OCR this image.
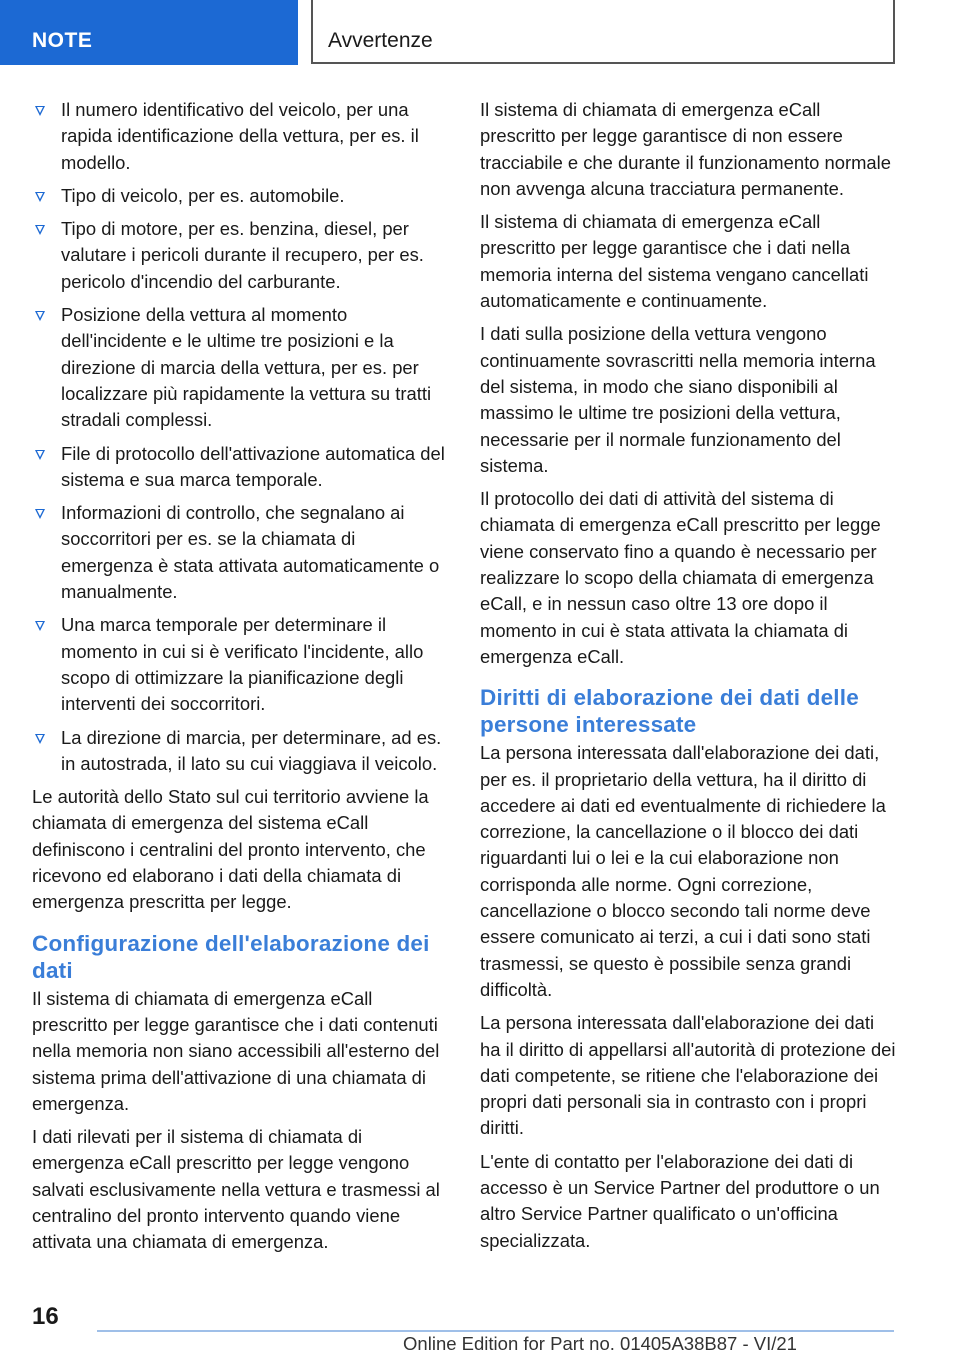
NOTE	Avvertenze
Il numero identificativo del veicolo, per una rapida identificazione della vettura, per es. il modello.
Tipo di veicolo, per es. automobile.
Tipo di motore, per es. benzina, diesel, per valutare i pericoli durante il recupero, per es. pericolo d'incendio del carburante.
Posizione della vettura al momento dell'incidente e le ultime tre posizioni e la direzione di marcia della vettura, per es. per localizzare più rapidamente la vettura su tratti stradali complessi.
File di protocollo dell'attivazione automatica del sistema e sua marca temporale.
Informazioni di controllo, che segnalano ai soccorritori per es. se la chiamata di emergenza è stata attivata automaticamente o manualmente.
Una marca temporale per determinare il momento in cui si è verificato l'incidente, allo scopo di ottimizzare la pianificazione degli interventi dei soccorritori.
La direzione di marcia, per determinare, ad es. in autostrada, il lato su cui viaggiava il veicolo.

Le autorità dello Stato sul cui territorio avviene la chiamata di emergenza del sistema eCall definiscono i centralini del pronto intervento, che ricevono ed elaborano i dati della chiamata di emergenza prescritta per legge.

Configurazione dell'elaborazione dei dati

Il sistema di chiamata di emergenza eCall prescritto per legge garantisce che i dati contenuti nella memoria non siano accessibili all'esterno del sistema prima dell'attivazione di una chiamata di emergenza.

I dati rilevati per il sistema di chiamata di emergenza eCall prescritto per legge vengono salvati esclusivamente nella vettura e trasmessi al centralino del pronto intervento quando viene attivata una chiamata di emergenza.

Il sistema di chiamata di emergenza eCall prescritto per legge garantisce di non essere tracciabile e che durante il funzionamento normale non avvenga alcuna tracciatura permanente.

Il sistema di chiamata di emergenza eCall prescritto per legge garantisce che i dati nella memoria interna del sistema vengano cancellati automaticamente e continuamente.

I dati sulla posizione della vettura vengono continuamente sovrascritti nella memoria interna del sistema, in modo che siano disponibili al massimo le ultime tre posizioni della vettura, necessarie per il normale funzionamento del sistema.

Il protocollo dei dati di attività del sistema di chiamata di emergenza eCall prescritto per legge viene conservato fino a quando è necessario per realizzare lo scopo della chiamata di emergenza eCall, e in nessun caso oltre 13 ore dopo il momento in cui è stata attivata la chiamata di emergenza eCall.

Diritti di elaborazione dei dati delle persone interessate

La persona interessata dall'elaborazione dei dati, per es. il proprietario della vettura, ha il diritto di accedere ai dati ed eventualmente di richiedere la correzione, la cancellazione o il blocco dei dati riguardanti lui o lei e la cui elaborazione non corrisponda alle norme. Ogni correzione, cancellazione o blocco secondo tali norme deve essere comunicato ai terzi, a cui i dati sono stati trasmessi, se questo è possibile senza grandi difficoltà.

La persona interessata dall'elaborazione dei dati ha il diritto di appellarsi all'autorità di protezione dei dati competente, se ritiene che l'elaborazione dei propri dati personali sia in contrasto con i propri diritti.

L'ente di contatto per l'elaborazione dei dati di accesso è un Service Partner del produttore o un altro Service Partner qualificato o un'officina specializzata.

16
Online Edition for Part no. 01405A38B87 - VI/21
